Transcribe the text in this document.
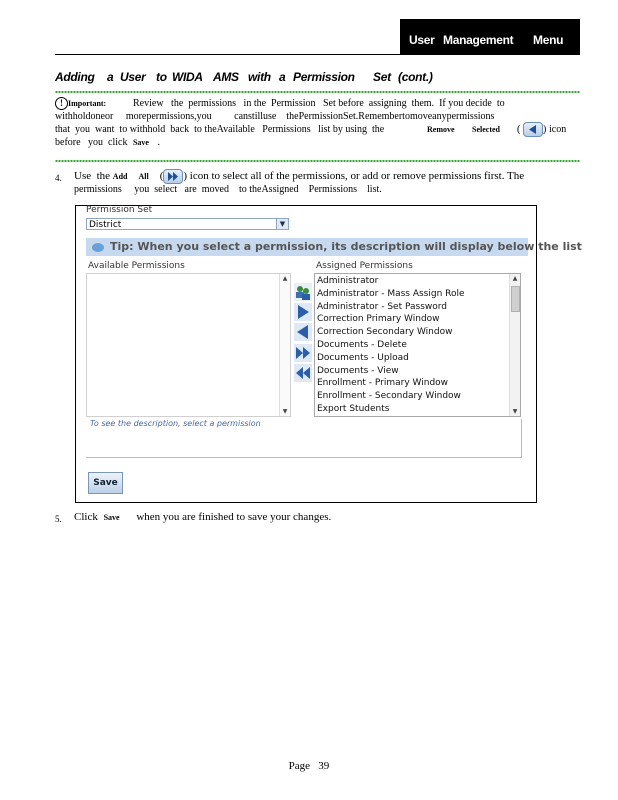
User Management Menu
Adding a User to WIDA AMS with a Permission Set (cont.)
! Important:	Review   the  permissions   in the  Permission   Set before  assigning  them.  If you decide  to
withholdoneor     morepermissions,you         canstilluse    thePermissionSet.Remembertomoveanypermissions
that  you  want  to withhold  back  to theAvailable   Permissions   list by using  the	Remove Selected ( ) icon
before   you  click Save .
4. Use  the Add All ( ) icon to select all of the permissions, or add or remove permissions first. The
permissions     you  select   are  moved    to theAssigned    Permissions    list.
Permission Set
District	▼
Tip: When you select a permission, its description will display below the list
Available Permissions	Assigned Permissions
▲
▼
Administrator
Administrator - Mass Assign Role
Administrator - Set Password
Correction Primary Window
Correction Secondary Window
Documents - Delete
Documents - Upload
Documents - View
Enrollment - Primary Window
Enrollment - Secondary Window
Export Students
▲
▼
To see the description, select a permission
Save
5. Click Save when you are finished to save your changes.
Page   39
